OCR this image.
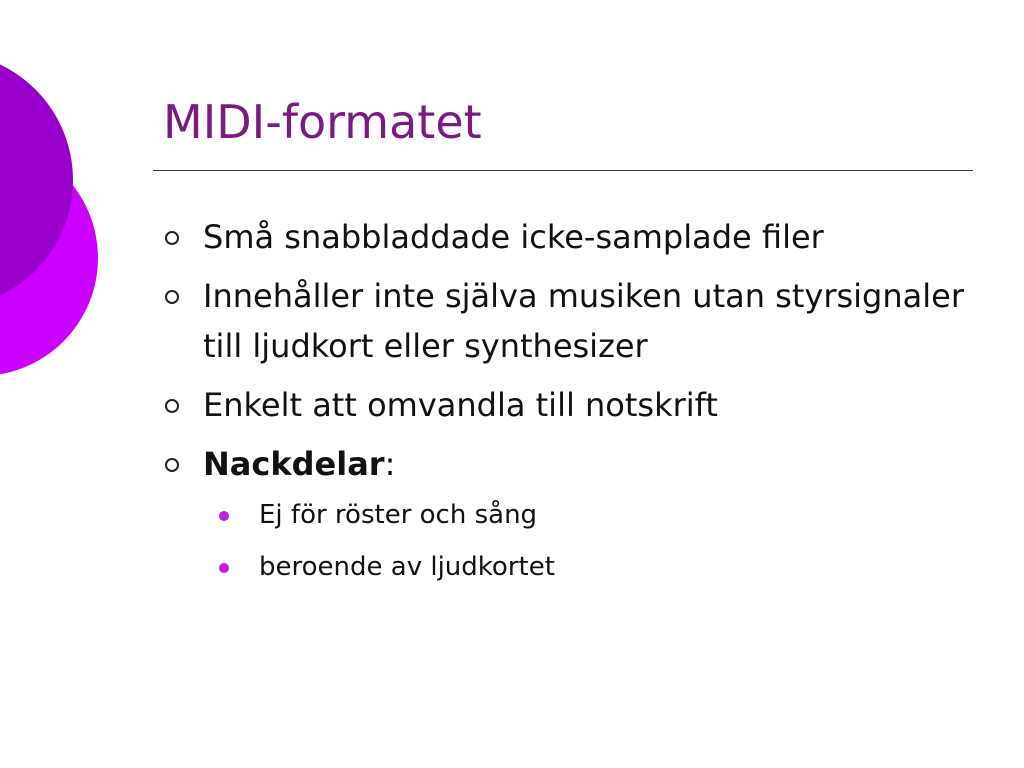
MIDI-formatet
Små snabbladdade icke-samplade filer
Innehåller inte själva musiken utan styrsignaler till ljudkort eller synthesizer
Enkelt att omvandla till notskrift
Nackdelar:
Ej för röster och sång
beroende av ljudkortet
